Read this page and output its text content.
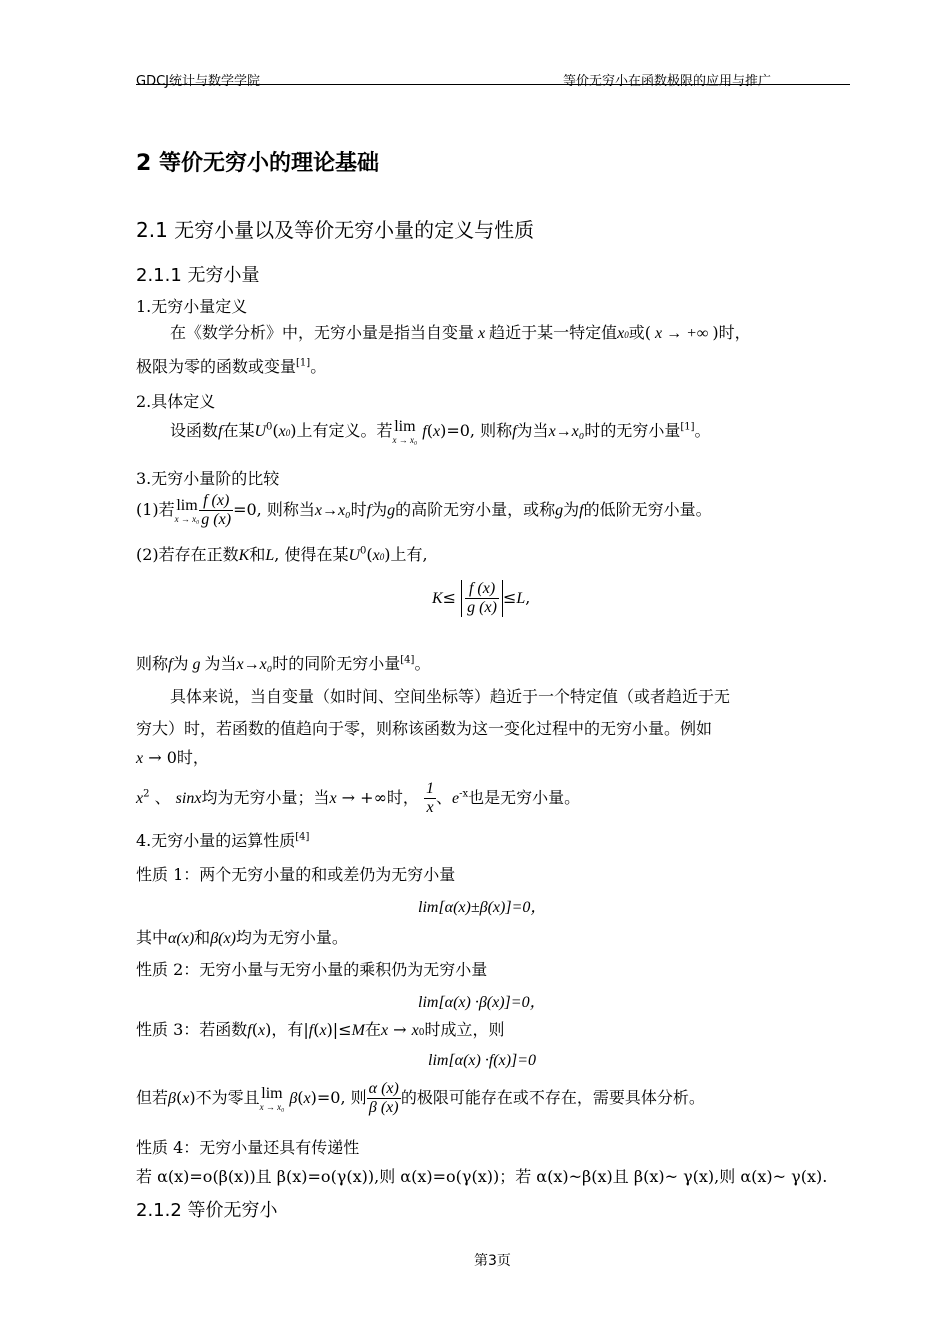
GDCJ统计与数学学院	等价无穷小在函数极限的应用与推广
2 等价无穷小的理论基础
2.1 无穷小量以及等价无穷小量的定义与性质
2.1.1 无穷小量
1.无穷小量定义
在《数学分析》中，无穷小量是指当自变量 x 趋近于某一特定值x0或( x → +∞ )时，
极限为零的函数或变量[1]。
2.具体定义
设函数f在某$U^0(x0)$上有定义。若 lim
x → x₀ f(x)=0, 则称f为当x→x₀时的无穷小量[1]。
3.无穷小量阶的比较
(1)若 lim
$x \to x_0 \frac{f (x)}{g (x)} =0$, 则称当x→x₀时f为g的高阶无穷小量，或称g为f的低阶无穷小量。
(2)若存在正数K和L, 使得在某$U^0(x0)$上有,
$K\le \frac{f (x)}{g (x)} \le L$,
则称f为 g 为当x→x₀时的同阶无穷小量[4]。
具体来说，当自变量（如时间、空间坐标等）趋近于一个特定值（或者趋近于无
穷大）时，若函数的值趋向于零，则称该函数为这一变化过程中的无穷小量。例如
x → 0时，
$x^2$ 、 sinx均为无穷小量；当x → +∞时， $\frac{1}{x}$ 、$e^{-x}$也是无穷小量。
4.无穷小量的运算性质[4]
性质 1：两个无穷小量的和或差仍为无穷小量
lim[α(x)±β(x)]=0，
其中α(x)和β(x)均为无穷小量。
性质 2：无穷小量与无穷小量的乘积仍为无穷小量
lim[α(x) ·β(x)]=0，
性质 3：若函数f(x)，有|f(x)|≤M在x → x0时成立，则
lim[α(x) ·f(x)]=0
但若β(x)不为零且 lim
x → x₀ β(x)=0, 则 $\frac{\alpha (x)}{\beta (x)}$ 的极限可能存在或不存在，需要具体分析。
性质 4：无穷小量还具有传递性
若 α(x)=o(β(x))且 β(x)=o(γ(x)),则 α(x)=o(γ(x))；若 α(x)~β(x)且 β(x)~ γ(x),则 α(x)~ γ(x).
2.1.2 等价无穷小
第3页
